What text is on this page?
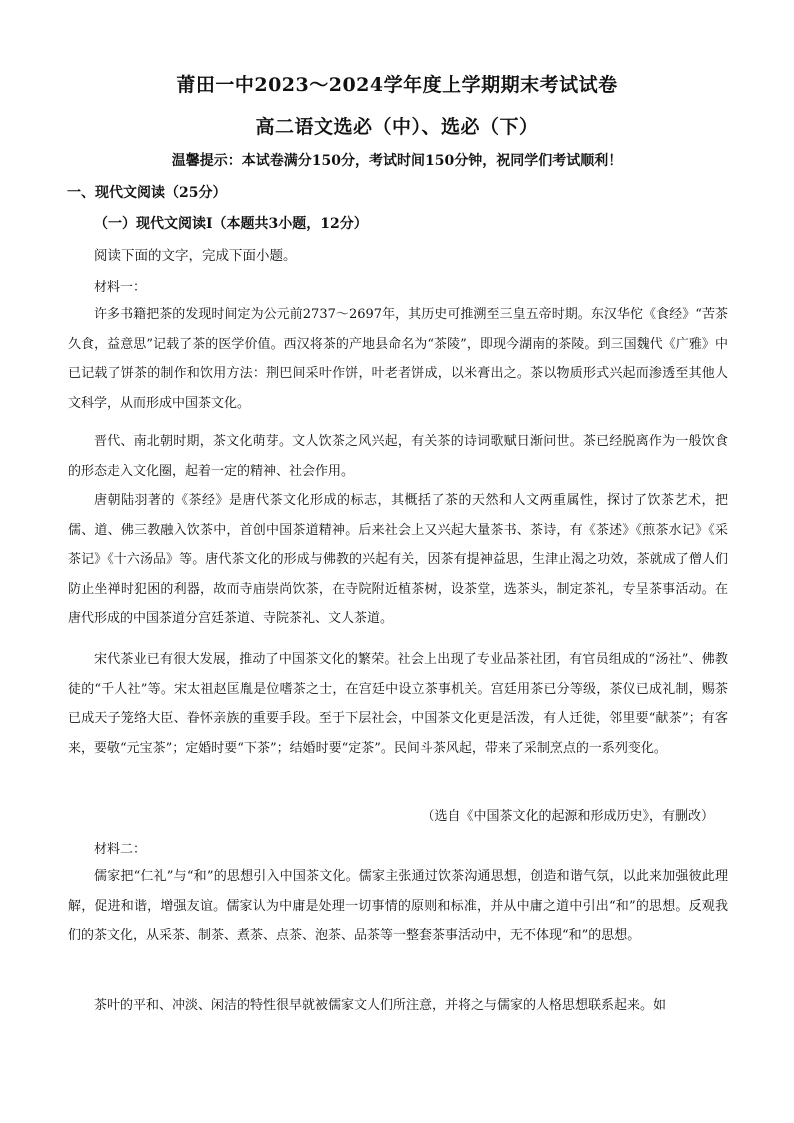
莆田一中2023～2024学年度上学期期末考试试卷
高二语文选必（中）、选必（下）
温馨提示：本试卷满分150分，考试时间150分钟，祝同学们考试顺利！
一、现代文阅读（25分）
（一）现代文阅读Ⅰ（本题共3小题，12分）
阅读下面的文字，完成下面小题。
材料一：

许多书籍把茶的发现时间定为公元前2737～2697年，其历史可推溯至三皇五帝时期。东汉华佗《食经》“苦茶久食，益意思”记载了茶的医学价值。西汉将茶的产地县命名为“茶陵”，即现今湖南的茶陵。到三国魏代《广雅》中已记载了饼茶的制作和饮用方法：荆巴间采叶作饼，叶老者饼成，以米膏出之。茶以物质形式兴起而渗透至其他人文科学，从而形成中国茶文化。

晋代、南北朝时期，茶文化萌芽。文人饮茶之风兴起，有关茶的诗词歌赋日渐问世。茶已经脱离作为一般饮食的形态走入文化圈，起着一定的精神、社会作用。

唐朝陆羽著的《茶经》是唐代茶文化形成的标志，其概括了茶的天然和人文两重属性，探讨了饮茶艺术，把儒、道、佛三教融入饮茶中，首创中国茶道精神。后来社会上又兴起大量茶书、茶诗，有《茶述》《煎茶水记》《采茶记》《十六汤品》等。唐代茶文化的形成与佛教的兴起有关，因茶有提神益思，生津止渴之功效，茶就成了僧人们防止坐禅时犯困的利器，故而寺庙崇尚饮茶，在寺院附近植茶树，设茶堂，选茶头，制定茶礼，专呈茶事活动。在唐代形成的中国茶道分宫廷茶道、寺院茶礼、文人茶道。

宋代茶业已有很大发展，推动了中国茶文化的繁荣。社会上出现了专业品茶社团，有官员组成的“汤社”、佛教徒的“千人社”等。宋太祖赵匡胤是位嗜茶之士，在宫廷中设立茶事机关。宫廷用茶已分等级，茶仪已成礼制，赐茶已成天子笼络大臣、眷怀亲族的重要手段。至于下层社会，中国茶文化更是活泼，有人迁徙，邻里要“献茶”；有客来，要敬“元宝茶”；定婚时要“下茶”；结婚时要“定茶”。民间斗茶风起，带来了采制烹点的一系列变化。

（选自《中国茶文化的起源和形成历史》，有删改）
材料二：

儒家把“仁礼”与“和”的思想引入中国茶文化。儒家主张通过饮茶沟通思想，创造和谐气氛，以此来加强彼此理解，促进和谐，增强友谊。儒家认为中庸是处理一切事情的原则和标准，并从中庸之道中引出“和”的思想。反观我们的茶文化，从采茶、制茶、煮茶、点茶、泡茶、品茶等一整套茶事活动中，无不体现“和”的思想。

茶叶的平和、冲淡、闲洁的特性很早就被儒家文人们所注意，并将之与儒家的人格思想联系起来。如
